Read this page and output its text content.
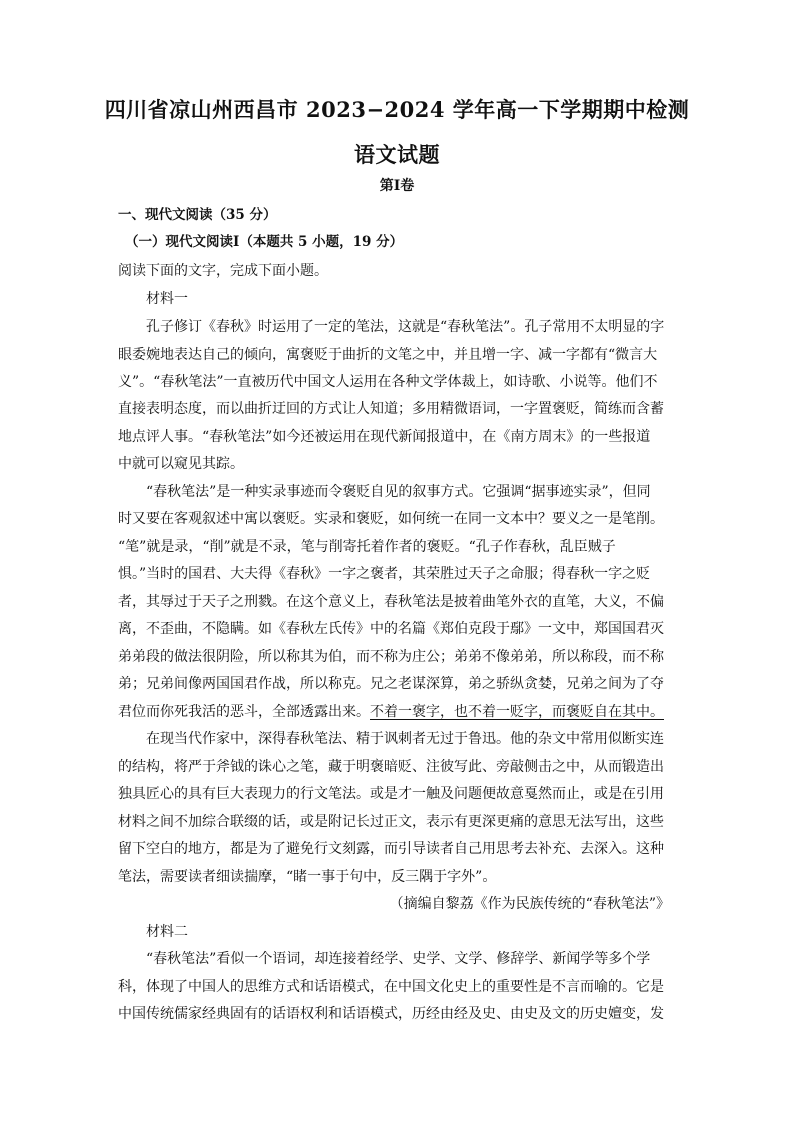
四川省凉山州西昌市 2023−2024 学年高一下学期期中检测
语文试题
第Ⅰ卷
一、现代文阅读（35 分）
（一）现代文阅读Ⅰ（本题共 5 小题，19 分）
阅读下面的文字，完成下面小题。
材料一
孔子修订《春秋》时运用了一定的笔法，这就是“春秋笔法”。孔子常用不太明显的字
眼委婉地表达自己的倾向，寓褒贬于曲折的文笔之中，并且增一字、减一字都有“微言大
义”。“春秋笔法”一直被历代中国文人运用在各种文学体裁上，如诗歌、小说等。他们不
直接表明态度，而以曲折迂回的方式让人知道；多用精微语词，一字置褒贬，简练而含蓄
地点评人事。“春秋笔法”如今还被运用在现代新闻报道中，在《南方周末》的一些报道
中就可以窥见其踪。
“春秋笔法”是一种实录事迹而令褒贬自见的叙事方式。它强调“据事迹实录”，但同
时又要在客观叙述中寓以褒贬。实录和褒贬，如何统一在同一文本中？要义之一是笔削。
“笔”就是录，“削”就是不录，笔与削寄托着作者的褒贬。“孔子作春秋，乱臣贼子
惧。”当时的国君、大夫得《春秋》一字之褒者，其荣胜过天子之命服；得春秋一字之贬
者，其辱过于天子之刑戮。在这个意义上，春秋笔法是披着曲笔外衣的直笔，大义，不偏
离，不歪曲，不隐瞒。如《春秋左氏传》中的名篇《郑伯克段于鄢》一文中，郑国国君灭
弟弟段的做法很阴险，所以称其为伯，而不称为庄公；弟弟不像弟弟，所以称段，而不称
弟；兄弟间像两国国君作战，所以称克。兄之老谋深算，弟之骄纵贪婪，兄弟之间为了夺
君位而你死我活的恶斗，全部透露出来。不着一褒字，也不着一贬字，而褒贬自在其中。
在现当代作家中，深得春秋笔法、精于讽刺者无过于鲁迅。他的杂文中常用似断实连
的结构，将严于斧钺的诛心之笔，藏于明褒暗贬、注彼写此、旁敲侧击之中，从而锻造出
独具匠心的具有巨大表现力的行文笔法。或是才一触及问题便故意戛然而止，或是在引用
材料之间不加综合联缀的话，或是附记长过正文，表示有更深更痛的意思无法写出，这些
留下空白的地方，都是为了避免行文刻露，而引导读者自己用思考去补充、去深入。这种
笔法，需要读者细读揣摩，“睹一事于句中，反三隅于字外”。
（摘编自黎荔《作为民族传统的“春秋笔法”》
材料二
“春秋笔法”看似一个语词，却连接着经学、史学、文学、修辞学、新闻学等多个学
科，体现了中国人的思维方式和话语模式，在中国文化史上的重要性是不言而喻的。它是
中国传统儒家经典固有的话语权利和话语模式，历经由经及史、由史及文的历史嬗变，发
